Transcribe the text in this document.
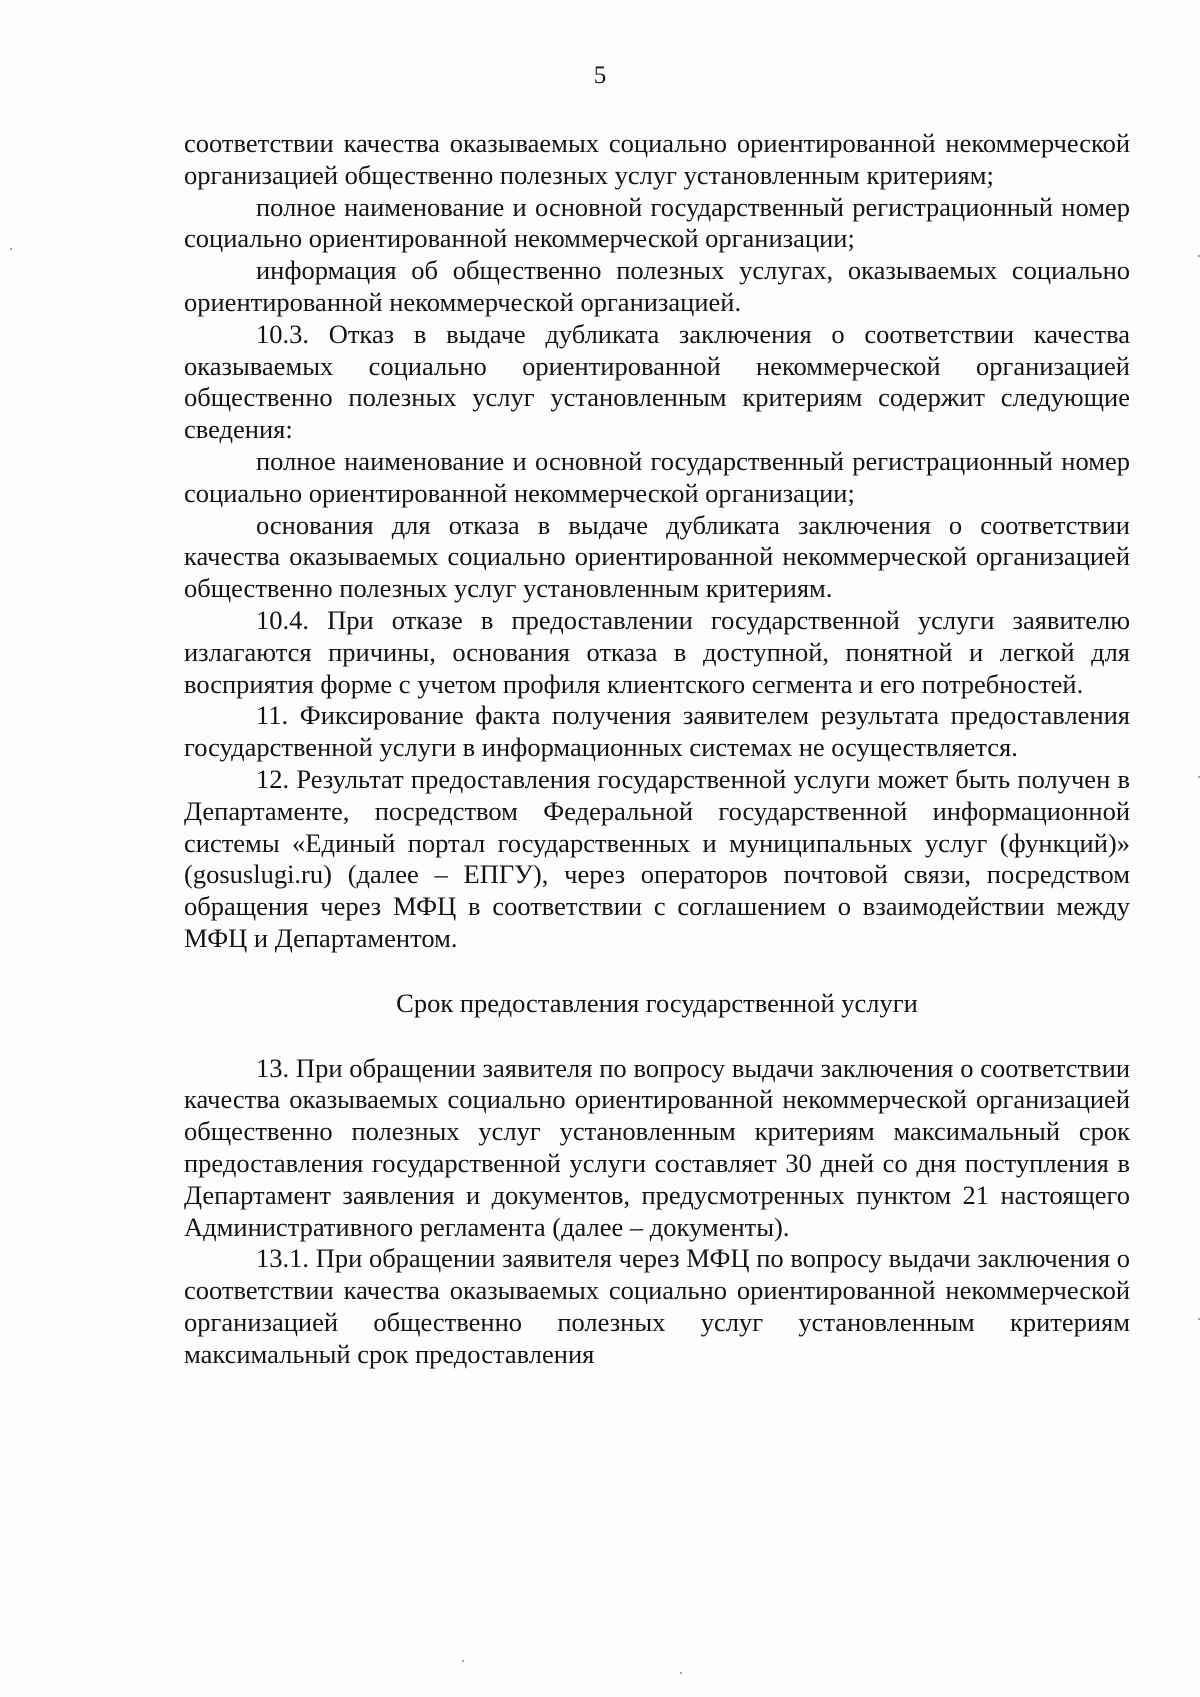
5

соответствии качества оказываемых социально ориентированной некоммерческой организацией общественно полезных услуг установленным критериям;

полное наименование и основной государственный регистрационный номер социально ориентированной некоммерческой организации;

информация об общественно полезных услугах, оказываемых социально ориентированной некоммерческой организацией.

10.3. Отказ в выдаче дубликата заключения о соответствии качества оказываемых социально ориентированной некоммерческой организацией общественно полезных услуг установленным критериям содержит следующие сведения:

полное наименование и основной государственный регистрационный номер социально ориентированной некоммерческой организации;

основания для отказа в выдаче дубликата заключения о соответствии качества оказываемых социально ориентированной некоммерческой организацией общественно полезных услуг установленным критериям.

10.4. При отказе в предоставлении государственной услуги заявителю излагаются причины, основания отказа в доступной, понятной и легкой для восприятия форме с учетом профиля клиентского сегмента и его потребностей.

11. Фиксирование факта получения заявителем результата предоставления государственной услуги в информационных системах не осуществляется.

12. Результат предоставления государственной услуги может быть получен в Департаменте, посредством Федеральной государственной информационной системы «Единый портал государственных и муниципальных услуг (функций)» (gosuslugi.ru) (далее – ЕПГУ), через операторов почтовой связи, посредством обращения через МФЦ в соответствии с соглашением о взаимодействии между МФЦ и Департаментом.

Срок предоставления государственной услуги

13. При обращении заявителя по вопросу выдачи заключения о соответствии качества оказываемых социально ориентированной некоммерческой организацией общественно полезных услуг установленным критериям максимальный срок предоставления государственной услуги составляет 30 дней со дня поступления в Департамент заявления и документов, предусмотренных пунктом 21 настоящего Административного регламента (далее – документы).

13.1. При обращении заявителя через МФЦ по вопросу выдачи заключения о соответствии качества оказываемых социально ориентированной некоммерческой организацией общественно полезных услуг установленным критериям максимальный срок предоставления
